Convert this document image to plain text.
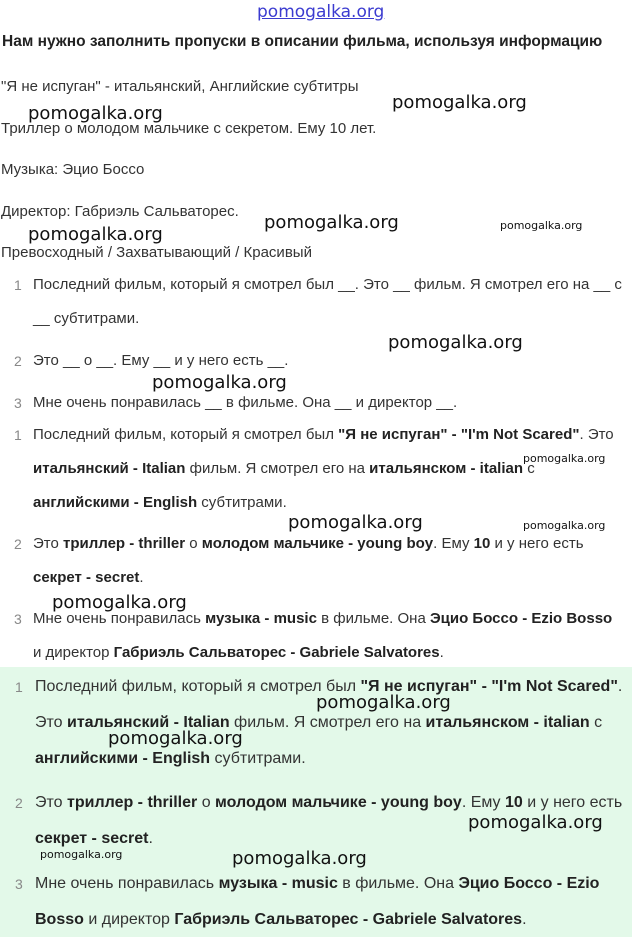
pomogalka.org
pomogalka.org
pomogalka.org
pomogalka.org	pomogalka.org
pomogalka.org
pomogalka.org
pomogalka.org
pomogalka.org
pomogalka.org	pomogalka.org
pomogalka.org
Нам нужно заполнить пропуски в описании фильма, используя информацию
"Я не испуган" - итальянский, Английские субтитры
Триллер о молодом мальчике с секретом. Ему 10 лет.
Музыка: Эцио Боссо
Директор: Габриэль Сальваторес.
Превосходный / Захватывающий / Красивый
1 Последний фильм, который я смотрел был __. Это __ фильм. Я смотрел его на __ с __ субтитрами.
2 Это __ о __. Ему __ и у него есть __.
3 Мне очень понравилась __ в фильме. Она __ и директор __.
1 Последний фильм, который я смотрел был "Я не испуган" - "I'm Not Scared". Это итальянский - Italian фильм. Я смотрел его на итальянском - italian с английскими - English субтитрами.
2 Это триллер - thriller о молодом мальчике - young boy. Ему 10 и у него есть секрет - secret.
3 Мне очень понравилась музыка - music в фильме. Она Эцио Боссо - Ezio Bosso и директор Габриэль Сальваторес - Gabriele Salvatores.
1 Последний фильм, который я смотрел был "Я не испуган" - "I'm Not Scared". Это итальянский - Italian фильм. Я смотрел его на итальянском - italian с английскими - English субтитрами.
2 Это триллер - thriller о молодом мальчике - young boy. Ему 10 и у него есть секрет - secret.
3 Мне очень понравилась музыка - music в фильме. Она Эцио Боссо - Ezio Bosso и директор Габриэль Сальваторес - Gabriele Salvatores.
pomogalka.org
pomogalka.org
pomogalka.org
pomogalka.org	pomogalka.org
